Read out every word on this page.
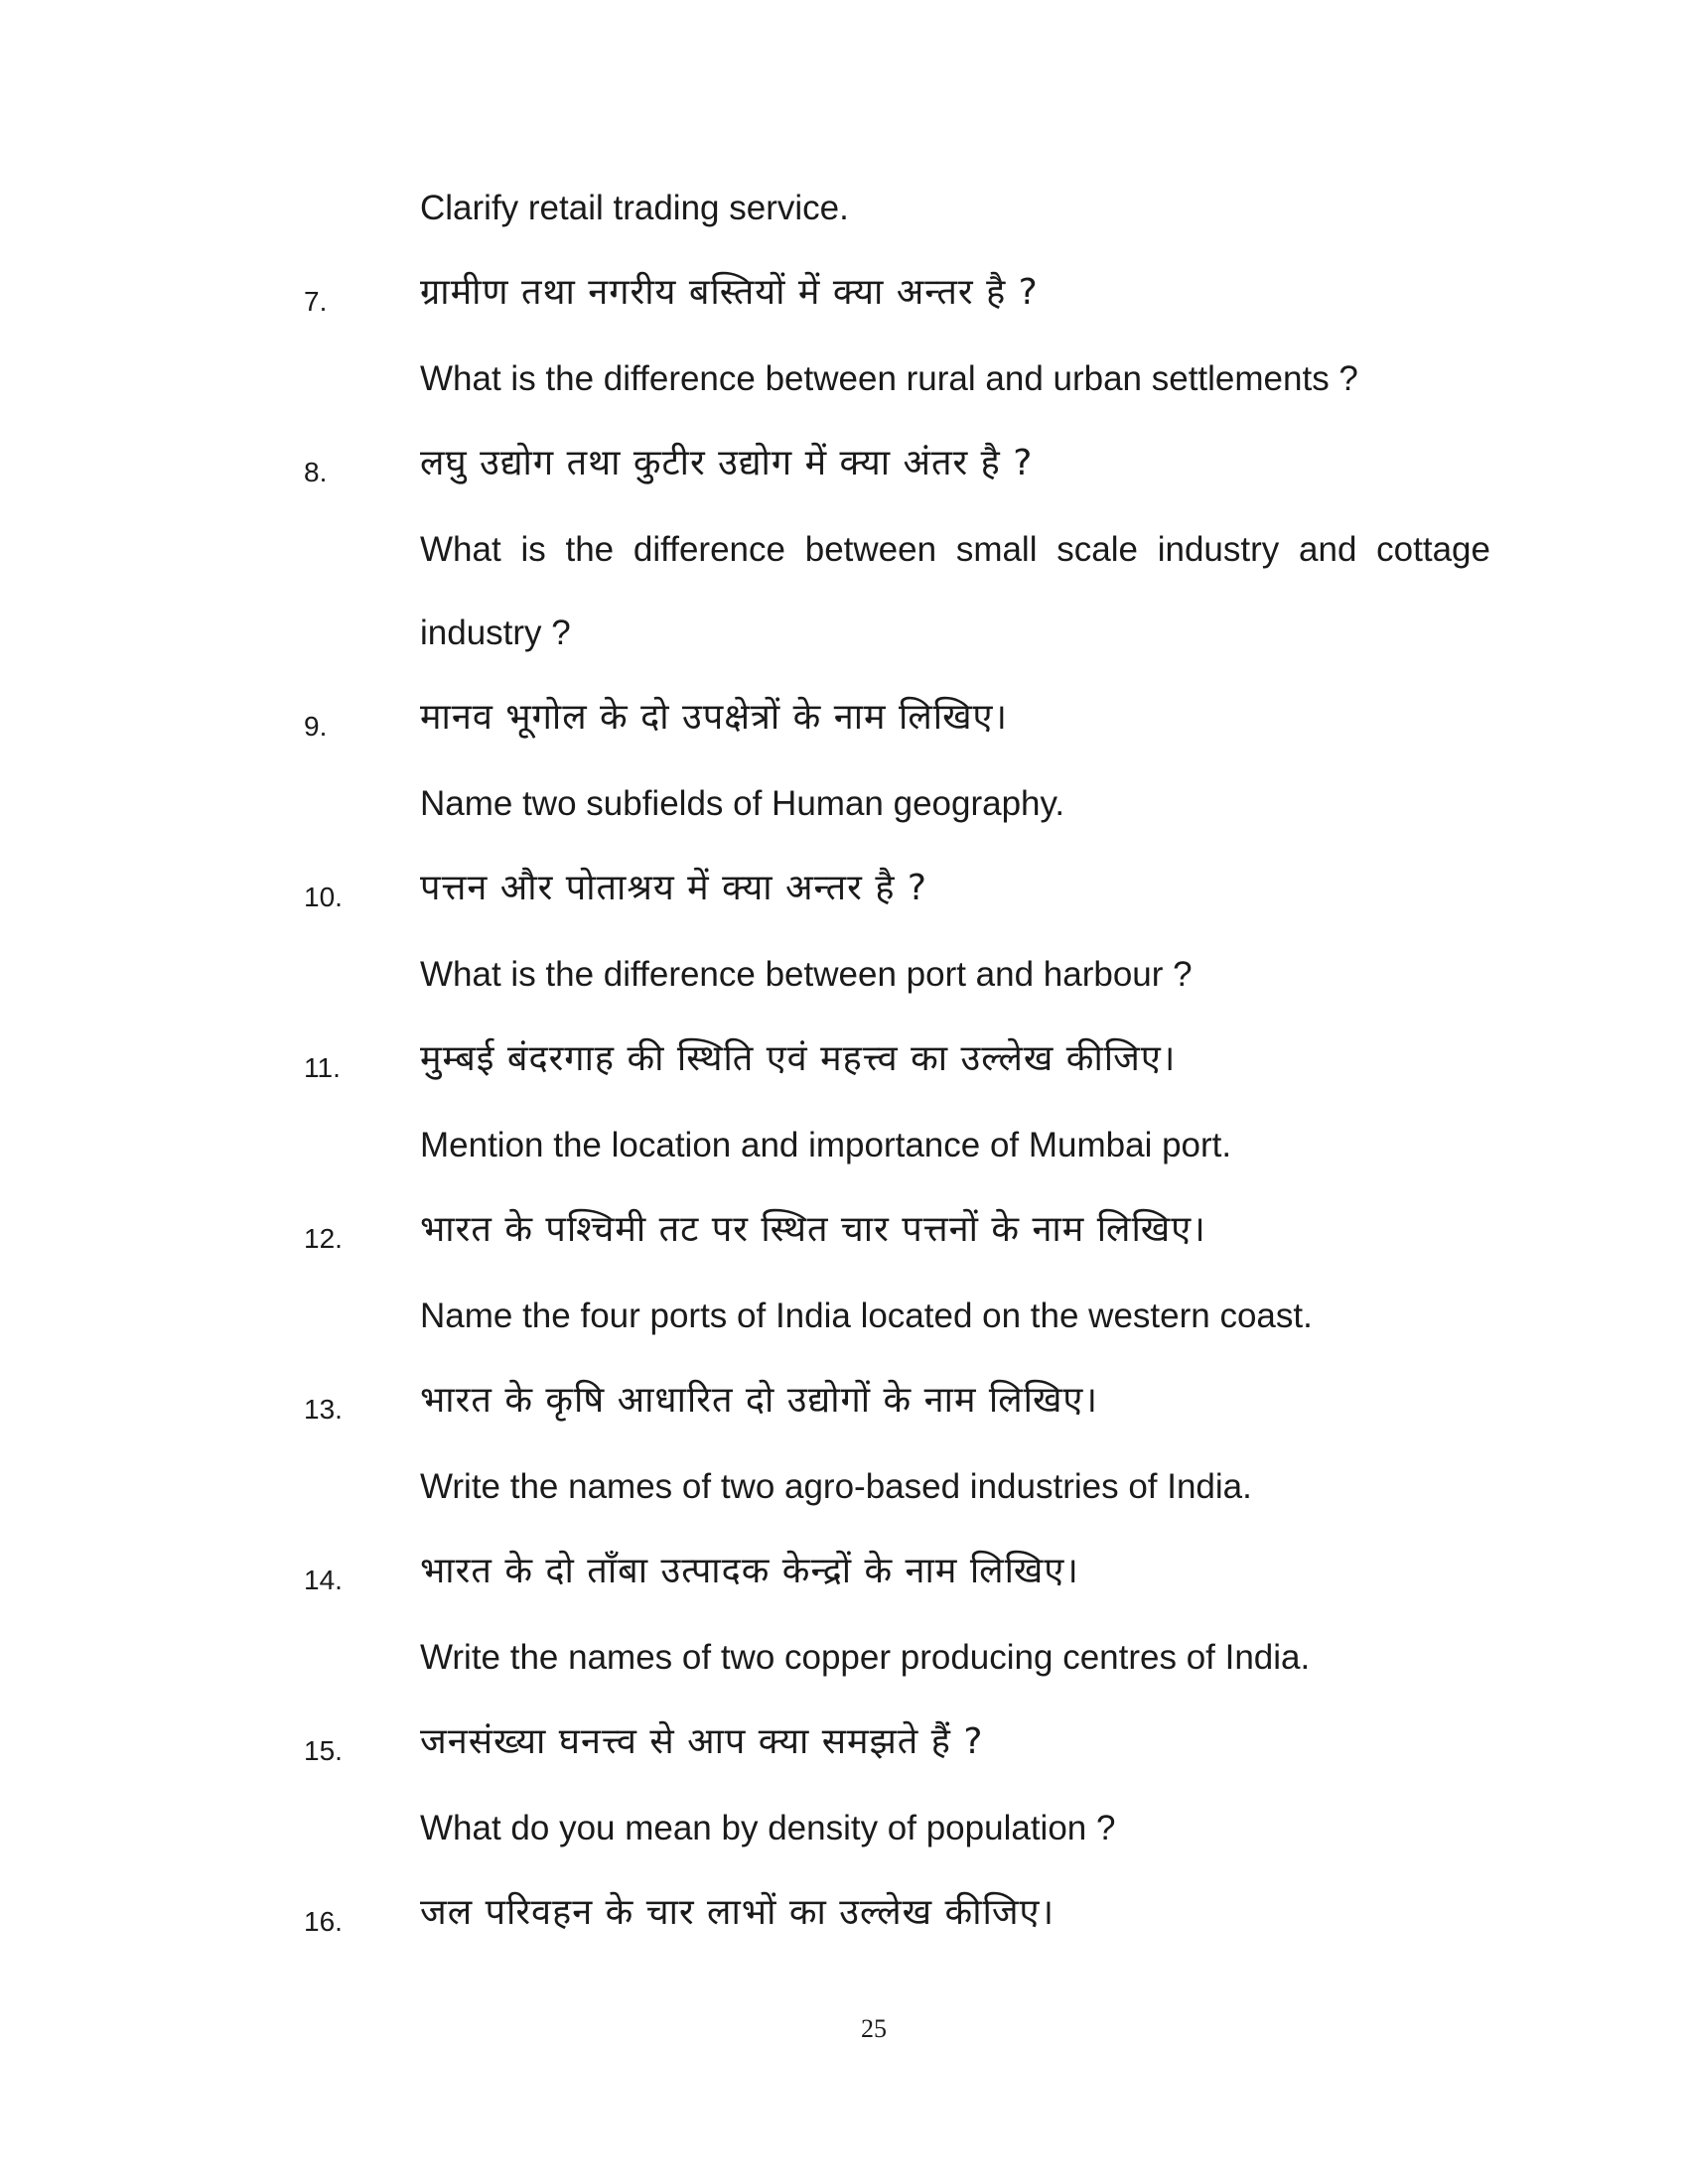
Clarify retail trading service.
7.	ग्रामीण तथा नगरीय बस्तियों में क्या अन्तर है ?
What is the difference between rural and urban settlements ?
8.	लघु उद्योग तथा कुटीर उद्योग में क्या अंतर है ?
What is the difference between small scale industry and cottage
industry ?
9.	मानव भूगोल के दो उपक्षेत्रों के नाम लिखिए।
Name two subfields of Human geography.
10. पत्तन और पोताश्रय में क्या अन्तर है ?
What is the difference between port and harbour ?
11. मुम्बई बंदरगाह की स्थिति एवं महत्त्व का उल्लेख कीजिए।
Mention the location and importance of Mumbai port.
12. भारत के पश्चिमी तट पर स्थित चार पत्तनों के नाम लिखिए।
Name the four ports of India located on the western coast.
13. भारत के कृषि आधारित दो उद्योगों के नाम लिखिए।
Write the names of two agro-based industries of India.
14. भारत के दो ताँबा उत्पादक केन्द्रों के नाम लिखिए।
Write the names of two copper producing centres of India.
15. जनसंख्या घनत्त्व से आप क्या समझते हैं ?
What do you mean by density of population ?
16. जल परिवहन के चार लाभों का उल्लेख कीजिए।
25
